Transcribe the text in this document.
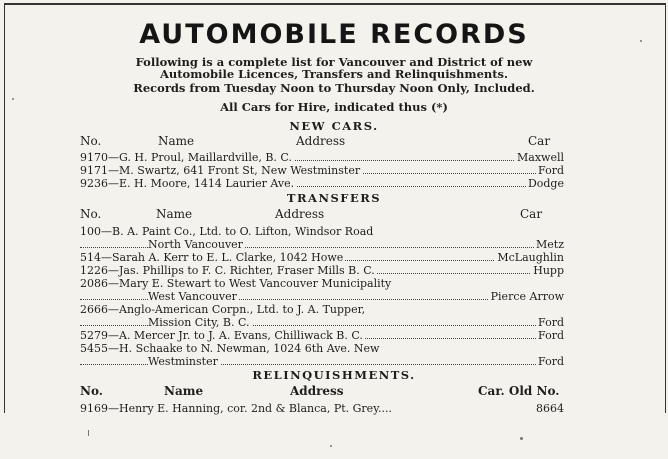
AUTOMOBILE RECORDS
Following is a complete list for Vancouver and District of new
Automobile Licences, Transfers and Relinquishments.
Records from Tuesday Noon to Thursday Noon Only, Included.
All Cars for Hire, indicated thus (*)
NEW CARS.
No.	Name	Address	Car
9170—G. H. Proul, Maillardville, B. C.	Maxwell
9171—M. Swartz, 641 Front St, New Westminster	Ford
9236—E. H. Moore, 1414 Laurier Ave.	Dodge
TRANSFERS
No.	Name	Address	Car
100—B. A. Paint Co., Ltd. to O. Lifton, Windsor Road
North Vancouver	Metz
514—Sarah A. Kerr to E. L. Clarke, 1042 Howe	McLaughlin
1226—Jas. Phillips to F. C. Richter, Fraser Mills B. C.	Hupp
2086—Mary E. Stewart to West Vancouver Municipality
West Vancouver	Pierce Arrow
2666—Anglo-American Corpn., Ltd. to J. A. Tupper,
Mission City, B. C.	Ford
5279—A. Mercer Jr. to J. A. Evans, Chilliwack B. C.	Ford
5455—H. Schaake to N. Newman, 1024 6th Ave. New
Westminster	Ford
RELINQUISHMENTS.
No.	Name	Address	Car. Old No.
9169—Henry E. Hanning, cor. 2nd & Blanca, Pt. Grey....	8664
